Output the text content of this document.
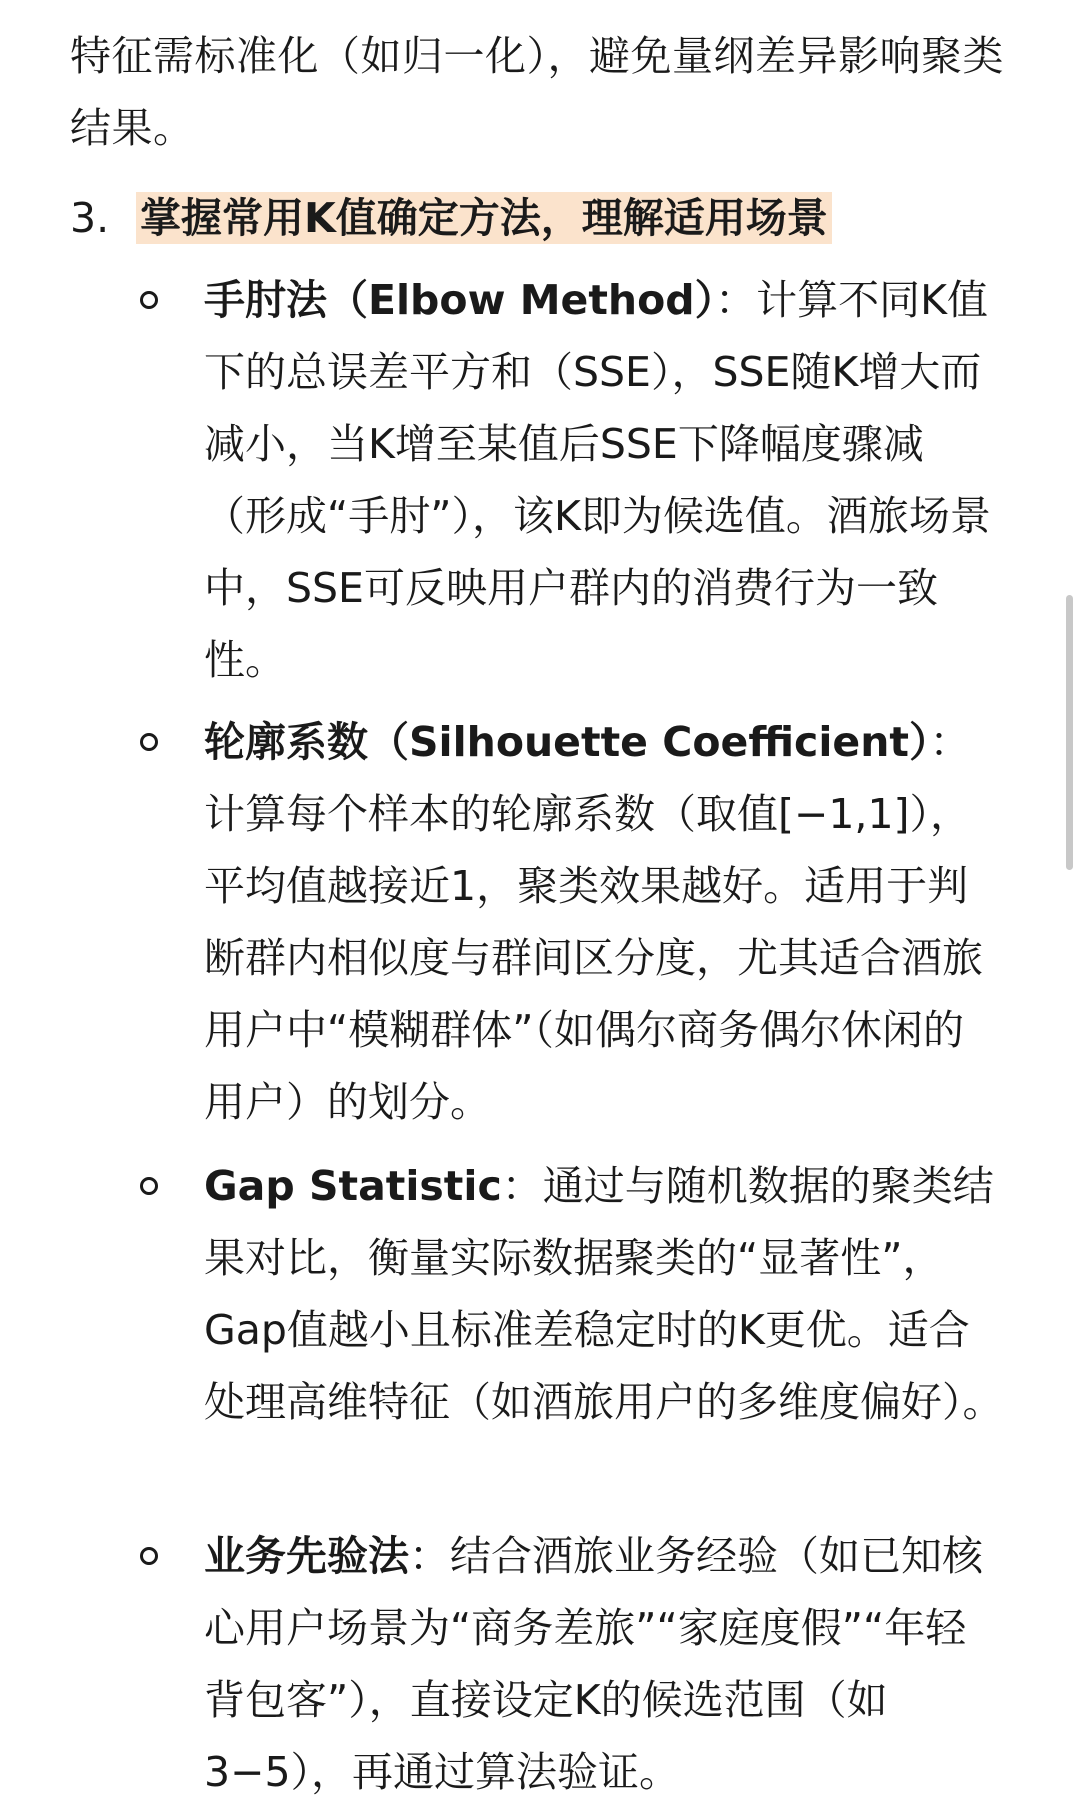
特征需标准化（如归一化），避免量纲差异影响聚类结果。
3. 掌握常用K值确定方法，理解适用场景
手肘法（Elbow Method）：计算不同K值下的总误差平方和（SSE），SSE随K增大而减小，当K增至某值后SSE下降幅度骤减（形成“手肘”），该K即为候选值。酒旅场景中，SSE可反映用户群内的消费行为一致性。
轮廓系数（Silhouette Coefficient）：计算每个样本的轮廓系数（取值[−1,1]），平均值越接近1，聚类效果越好。适用于判断群内相似度与群间区分度，尤其适合酒旅用户中“模糊群体”（如偶尔商务偶尔休闲的用户）的划分。
Gap Statistic：通过与随机数据的聚类结果对比，衡量实际数据聚类的“显著性”，Gap值越小且标准差稳定时的K更优。适合处理高维特征（如酒旅用户的多维度偏好）。
业务先验法：结合酒旅业务经验（如已知核心用户场景为“商务差旅”“家庭度假”“年轻背包客”），直接设定K的候选范围（如3−5），再通过算法验证。
